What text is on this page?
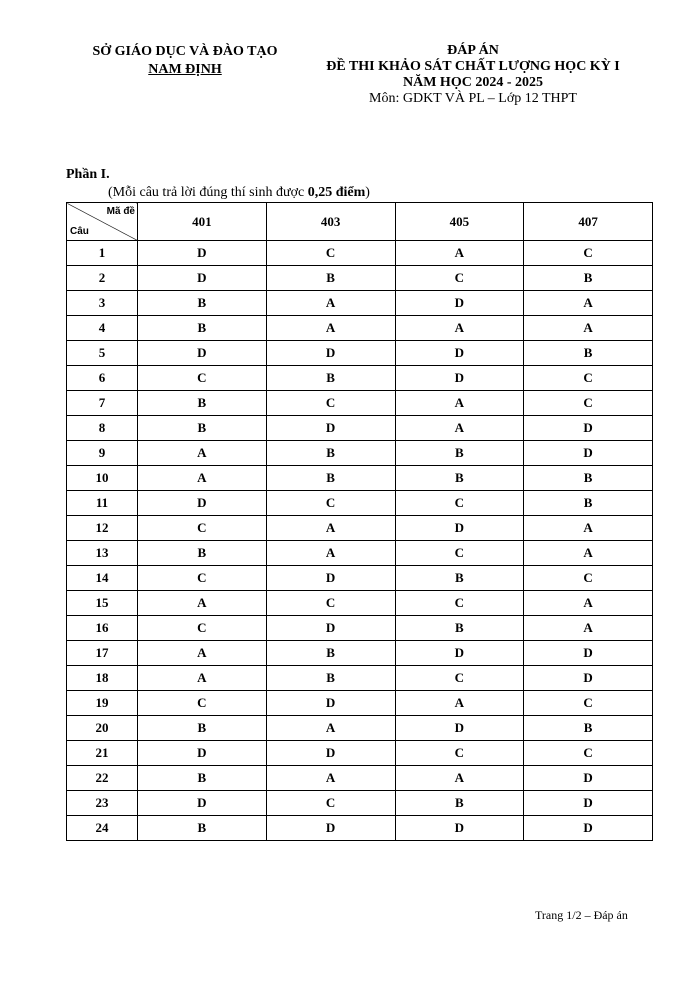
SỞ GIÁO DỤC VÀ ĐÀO TẠO
NAM ĐỊNH
ĐÁP ÁN
ĐỀ THI KHẢO SÁT CHẤT LƯỢNG HỌC KỲ I
NĂM HỌC 2024 - 2025
Môn: GDKT VÀ PL – Lớp 12 THPT
Phần I.
(Mỗi câu trả lời đúng thí sinh được 0,25 điểm)
Mã đề
Câu	401	403	405	407
1	D	C	A	C
2	D	B	C	B
3	B	A	D	A
4	B	A	A	A
5	D	D	D	B
6	C	B	D	C
7	B	C	A	C
8	B	D	A	D
9	A	B	B	D
10	A	B	B	B
11	D	C	C	B
12	C	A	D	A
13	B	A	C	A
14	C	D	B	C
15	A	C	C	A
16	C	D	B	A
17	A	B	D	D
18	A	B	C	D
19	C	D	A	C
20	B	A	D	B
21	D	D	C	C
22	B	A	A	D
23	D	C	B	D
24	B	D	D	D
Trang 1/2 – Đáp án
